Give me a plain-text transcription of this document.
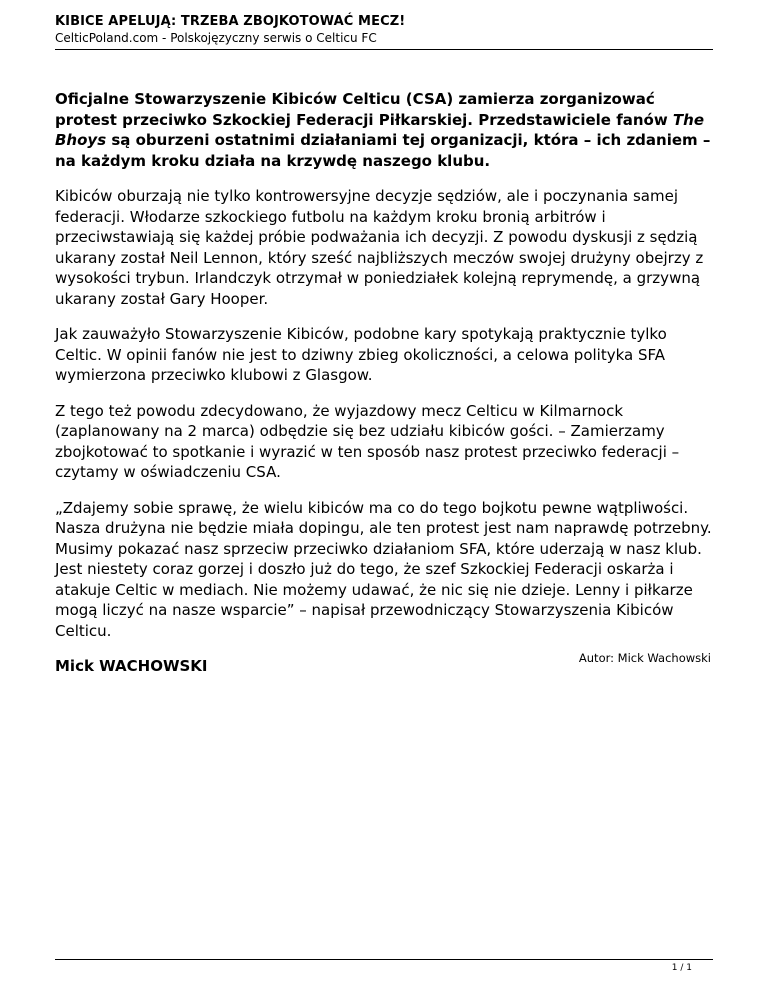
KIBICE APELUJĄ: TRZEBA ZBOJKOTOWAĆ MECZ!
CelticPoland.com - Polskojęzyczny serwis o Celticu FC

Oficjalne Stowarzyszenie Kibiców Celticu (CSA) zamierza zorganizować protest przeciwko Szkockiej Federacji Piłkarskiej. Przedstawiciele fanów The Bhoys są oburzeni ostatnimi działaniami tej organizacji, która – ich zdaniem – na każdym kroku działa na krzywdę naszego klubu.

Kibiców oburzają nie tylko kontrowersyjne decyzje sędziów, ale i poczynania samej federacji. Włodarze szkockiego futbolu na każdym kroku bronią arbitrów i przeciwstawiają się każdej próbie podważania ich decyzji. Z powodu dyskusji z sędzią ukarany został Neil Lennon, który sześć najbliższych meczów swojej drużyny obejrzy z wysokości trybun. Irlandczyk otrzymał w poniedziałek kolejną reprymendę, a grzywną ukarany został Gary Hooper.

Jak zauważyło Stowarzyszenie Kibiców, podobne kary spotykają praktycznie tylko Celtic. W opinii fanów nie jest to dziwny zbieg okoliczności, a celowa polityka SFA wymierzona przeciwko klubowi z Glasgow.

Z tego też powodu zdecydowano, że wyjazdowy mecz Celticu w Kilmarnock (zaplanowany na 2 marca) odbędzie się bez udziału kibiców gości. – Zamierzamy zbojkotować to spotkanie i wyrazić w ten sposób nasz protest przeciwko federacji – czytamy w oświadczeniu CSA.

„Zdajemy sobie sprawę, że wielu kibiców ma co do tego bojkotu pewne wątpliwości. Nasza drużyna nie będzie miała dopingu, ale ten protest jest nam naprawdę potrzebny. Musimy pokazać nasz sprzeciw przeciwko działaniom SFA, które uderzają w nasz klub. Jest niestety coraz gorzej i doszło już do tego, że szef Szkockiej Federacji oskarża i atakuje Celtic w mediach. Nie możemy udawać, że nic się nie dzieje. Lenny i piłkarze mogą liczyć na nasze wsparcie” – napisał przewodniczący Stowarzyszenia Kibiców Celticu.

Mick WACHOWSKI	Autor: Mick Wachowski
1 / 1
